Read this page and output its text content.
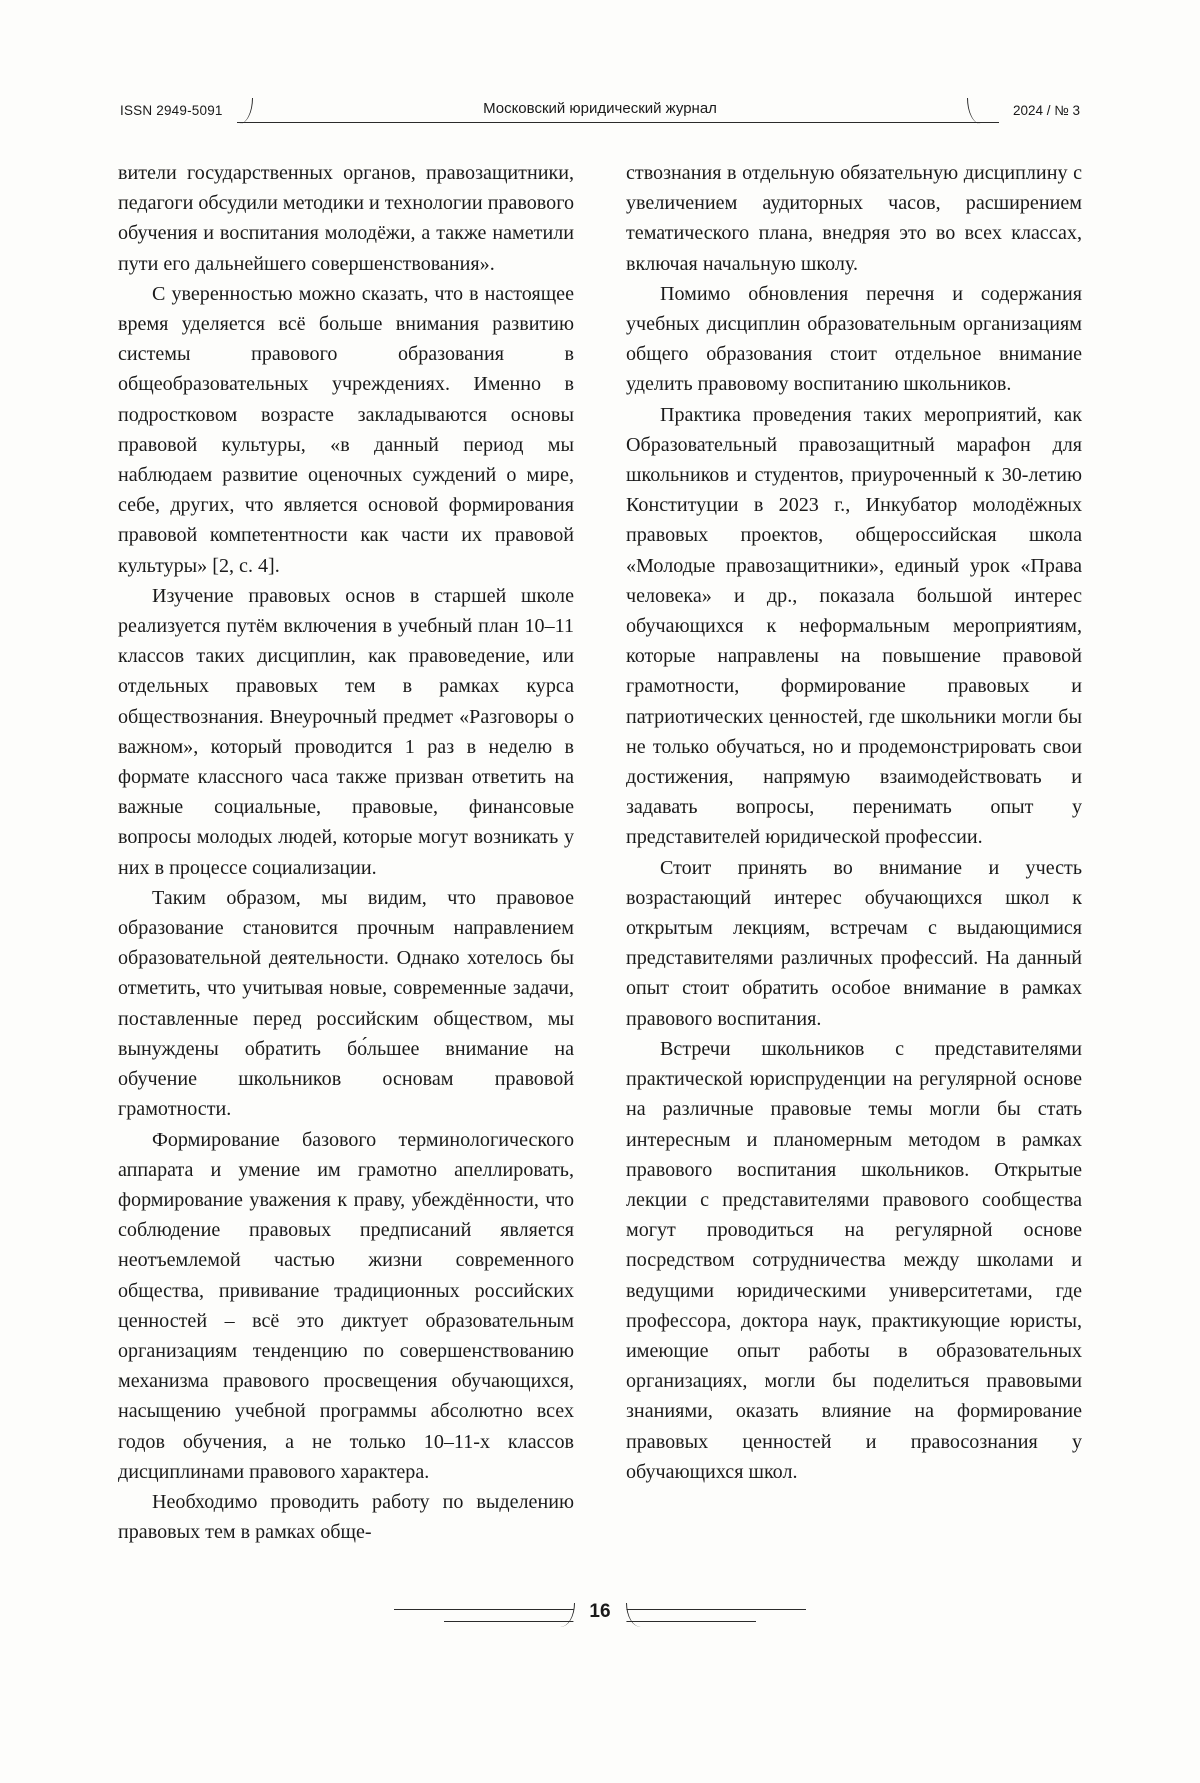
ISSN 2949-5091	Московский юридический журнал	2024 / № 3

вители государственных органов, правозащитники, педагоги обсудили методики и технологии правового обучения и воспитания молодёжи, а также наметили пути его дальнейшего совершенствования».

С уверенностью можно сказать, что в настоящее время уделяется всё больше внимания развитию системы правового образования в общеобразовательных учреждениях. Именно в подростковом возрасте закладываются основы правовой культуры, «в данный период мы наблюдаем развитие оценочных суждений о мире, себе, других, что является основой формирования правовой компетентности как части их правовой культуры» [2, с. 4].

Изучение правовых основ в старшей школе реализуется путём включения в учебный план 10–11 классов таких дисциплин, как правоведение, или отдельных правовых тем в рамках курса обществознания. Внеурочный предмет «Разговоры о важном», который проводится 1 раз в неделю в формате классного часа также призван ответить на важные социальные, правовые, финансовые вопросы молодых людей, которые могут возникать у них в процессе социализации.

Таким образом, мы видим, что правовое образование становится прочным направлением образовательной деятельности. Однако хотелось бы отметить, что учитывая новые, современные задачи, поставленные перед российским обществом, мы вынуждены обратить бо́льшее внимание на обучение школьников основам правовой грамотности.

Формирование базового терминологического аппарата и умение им грамотно апеллировать, формирование уважения к праву, убеждённости, что соблюдение правовых предписаний является неотъемлемой частью жизни современного общества, прививание традиционных российских ценностей – всё это диктует образовательным организациям тенденцию по совершенствованию механизма правового просвещения обучающихся, насыщению учебной программы абсолютно всех годов обучения, а не только 10–11-х классов дисциплинами правового характера.

Необходимо проводить работу по выделению правовых тем в рамках обще-

ствознания в отдельную обязательную дисциплину с увеличением аудиторных часов, расширением тематического плана, внедряя это во всех классах, включая начальную школу.

Помимо обновления перечня и содержания учебных дисциплин образовательным организациям общего образования стоит отдельное внимание уделить правовому воспитанию школьников.

Практика проведения таких мероприятий, как Образовательный правозащитный марафон для школьников и студентов, приуроченный к 30-летию Конституции в 2023 г., Инкубатор молодёжных правовых проектов, общероссийская школа «Молодые правозащитники», единый урок «Права человека» и др., показала большой интерес обучающихся к неформальным мероприятиям, которые направлены на повышение правовой грамотности, формирование правовых и патриотических ценностей, где школьники могли бы не только обучаться, но и продемонстрировать свои достижения, напрямую взаимодействовать и задавать вопросы, перенимать опыт у представителей юридической профессии.

Стоит принять во внимание и учесть возрастающий интерес обучающихся школ к открытым лекциям, встречам с выдающимися представителями различных профессий. На данный опыт стоит обратить особое внимание в рамках правового воспитания.

Встречи школьников с представителями практической юриспруденции на регулярной основе на различные правовые темы могли бы стать интересным и планомерным методом в рамках правового воспитания школьников. Открытые лекции с представителями правового сообщества могут проводиться на регулярной основе посредством сотрудничества между школами и ведущими юридическими университетами, где профессора, доктора наук, практикующие юристы, имеющие опыт работы в образовательных организациях, могли бы поделиться правовыми знаниями, оказать влияние на формирование правовых ценностей и правосознания у обучающихся школ.

16
